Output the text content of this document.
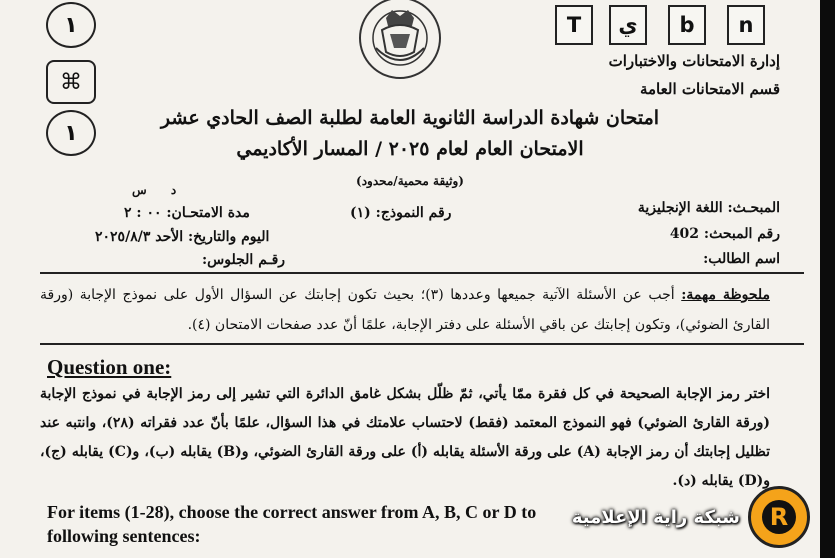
١
⌘
١
T	ي	b	n
إدارة الامتحانات والاختبارات
قسم الامتحانات العامة
امتحان شهادة الدراسة الثانوية العامة لطلبة الصف الحادي عشر
الامتحان العام لعام ٢٠٢٥ / المسار الأكاديمي
(وثيقة محمية/محدود)
المبحـث: اللغة الإنجليزية
رقم المبحث: 402
اسم الطالب:
رقم النموذج: (١)
د س
مدة الامتحـان: ٠٠ : ٢
اليوم والتاريخ: الأحد ٢٠٢٥/٨/٣
رقـم الجلوس:
ملحوظة مهمة: أجب عن الأسئلة الآتية جميعها وعددها (٣)؛ بحيث تكون إجابتك عن السؤال الأول على نموذج الإجابة (ورقة القارئ الضوئي)، وتكون إجابتك عن باقي الأسئلة على دفتر الإجابة، علمًا أنّ عدد صفحات الامتحان (٤).
Question one:
اختر رمز الإجابة الصحيحة في كل فقرة ممّا يأتي، ثمّ ظلّل بشكل غامق الدائرة التي تشير إلى رمز الإجابة في نموذج الإجابة (ورقة القارئ الضوئي) فهو النموذج المعتمد (فقط) لاحتساب علامتك في هذا السؤال، علمًا بأنّ عدد فقراته (٢٨)، وانتبه عند تظليل إجابتك أن رمز الإجابة (A) على ورقة الأسئلة يقابله (أ) على ورقة القارئ الضوئي، و(B) يقابله (ب)، و(C) يقابله (ج)، و(D) يقابله (د).
For items (1-28), choose the correct answer from A, B, C or D to
following sentences:
شبكة راية الإعلامية	R
